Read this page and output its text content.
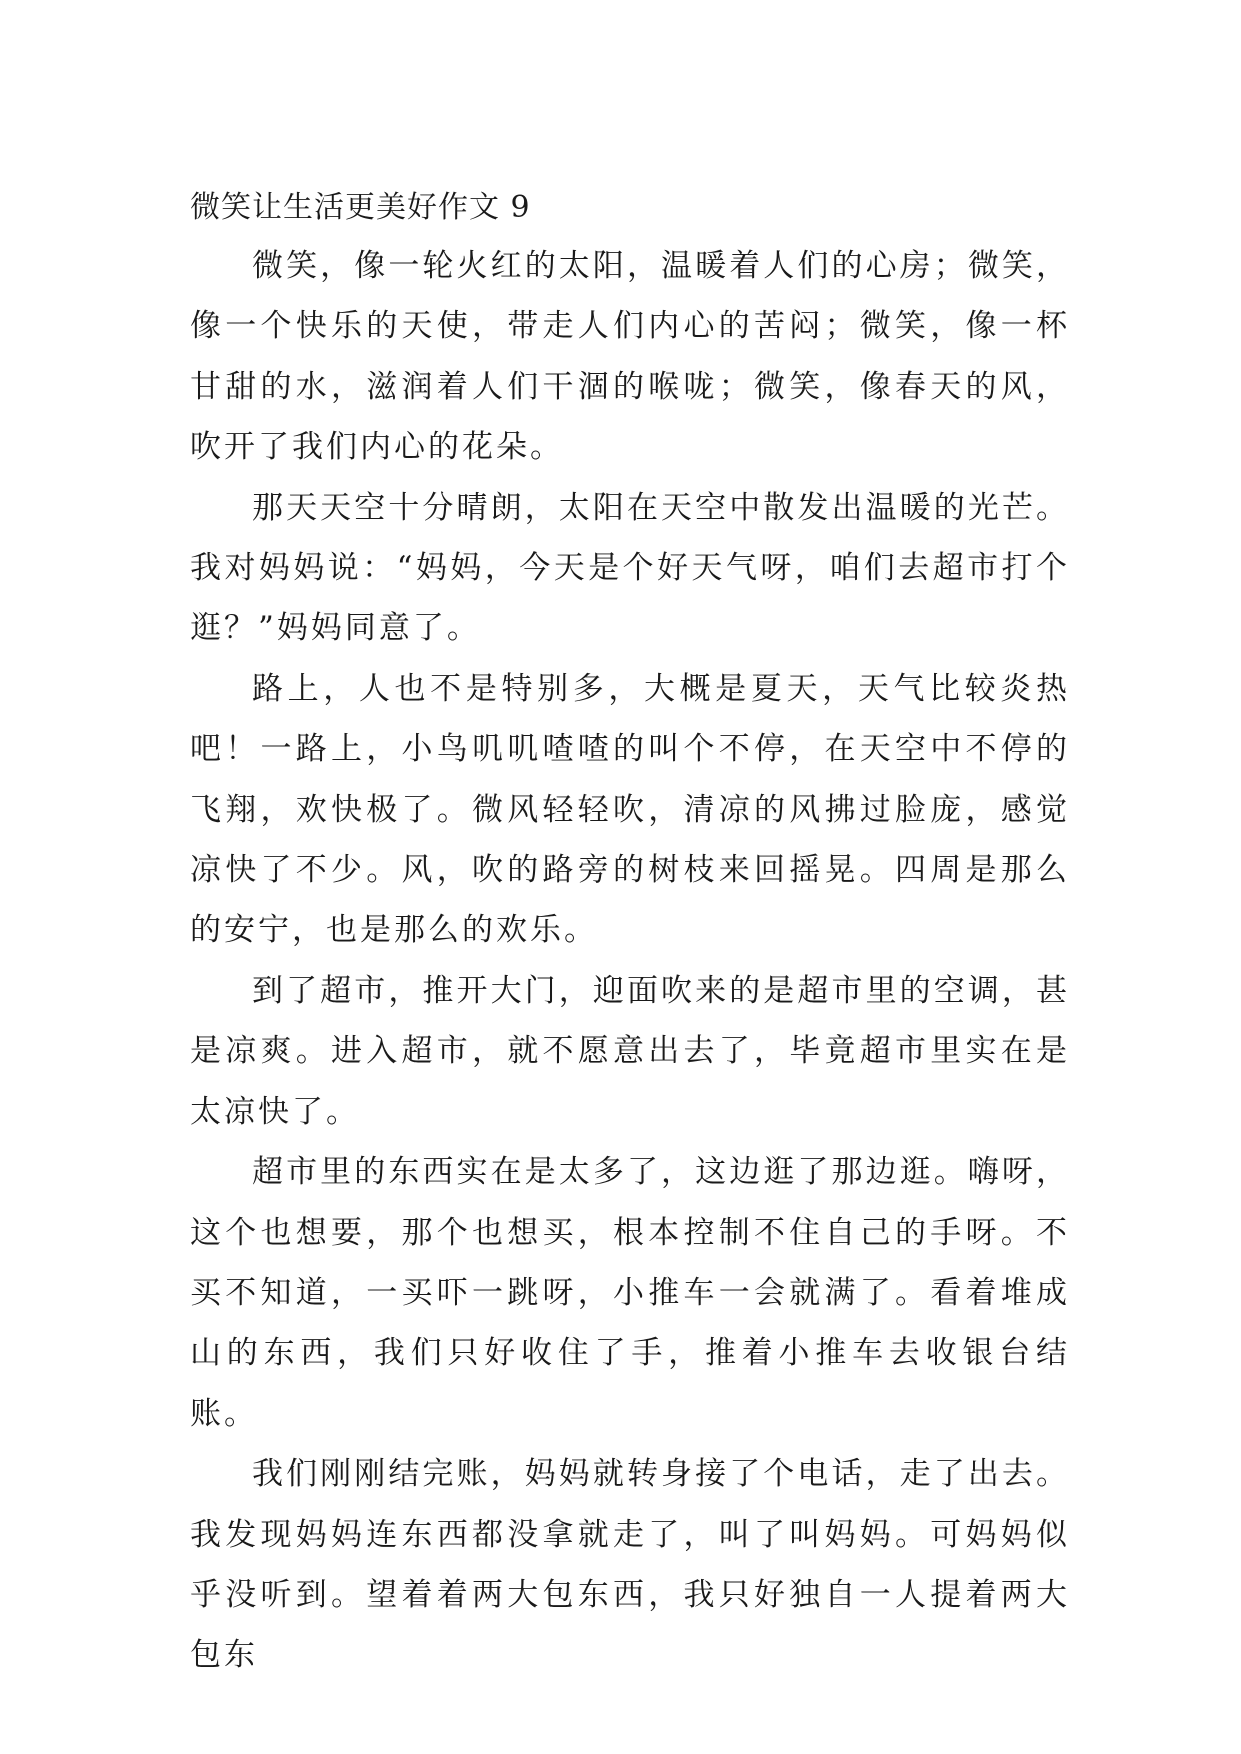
微笑让生活更美好作文 9

微笑，像一轮火红的太阳，温暖着人们的心房；微笑，像一个快乐的天使，带走人们内心的苦闷；微笑，像一杯甘甜的水，滋润着人们干涸的喉咙；微笑，像春天的风，吹开了我们内心的花朵。

那天天空十分晴朗，太阳在天空中散发出温暖的光芒。我对妈妈说：“妈妈，今天是个好天气呀，咱们去超市打个逛？”妈妈同意了。

路上，人也不是特别多，大概是夏天，天气比较炎热吧！一路上，小鸟叽叽喳喳的叫个不停，在天空中不停的飞翔，欢快极了。微风轻轻吹，清凉的风拂过脸庞，感觉凉快了不少。风，吹的路旁的树枝来回摇晃。四周是那么的安宁，也是那么的欢乐。

到了超市，推开大门，迎面吹来的是超市里的空调，甚是凉爽。进入超市，就不愿意出去了，毕竟超市里实在是太凉快了。

超市里的东西实在是太多了，这边逛了那边逛。嗨呀，这个也想要，那个也想买，根本控制不住自己的手呀。不买不知道，一买吓一跳呀，小推车一会就满了。看着堆成山的东西，我们只好收住了手，推着小推车去收银台结账。

我们刚刚结完账，妈妈就转身接了个电话，走了出去。我发现妈妈连东西都没拿就走了，叫了叫妈妈。可妈妈似乎没听到。望着着两大包东西，我只好独自一人提着两大包东
